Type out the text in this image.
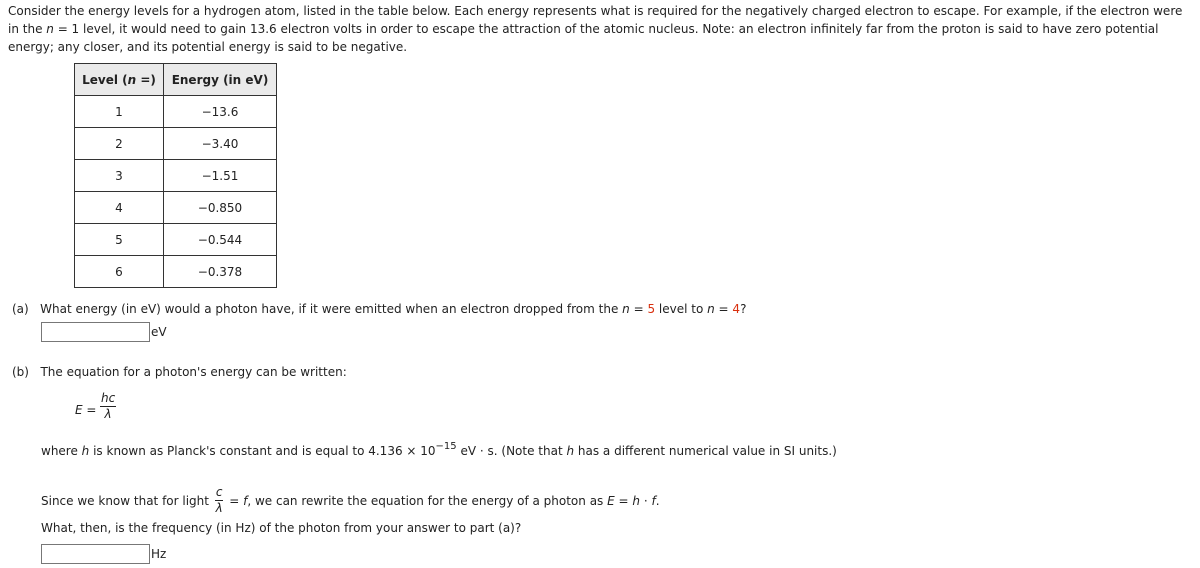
Consider the energy levels for a hydrogen atom, listed in the table below. Each energy represents what is required for the negatively charged electron to escape. For example, if the electron were in the n = 1 level, it would need to gain 13.6 electron volts in order to escape the attraction of the atomic nucleus. Note: an electron infinitely far from the proton is said to have zero potential energy; any closer, and its potential energy is said to be negative.

Level (n =)	Energy (in eV)
1	−13.6
2	−3.40
3	−1.51
4	−0.850
5	−0.544
6	−0.378
(a) What energy (in eV) would a photon have, if it were emitted when an electron dropped from the n = 5 level to n = 4?
eV
(b) The equation for a photon's energy can be written:
$E = \frac{hc}{\lambda}$
where h is known as Planck's constant and is equal to $4.136 \times 10^{-15}$ eV · s. (Note that h has a different numerical value in SI units.)
Since we know that for light $\frac{c}{\lambda} = f$, we can rewrite the equation for the energy of a photon as E = h · f.
What, then, is the frequency (in Hz) of the photon from your answer to part (a)?
Hz
